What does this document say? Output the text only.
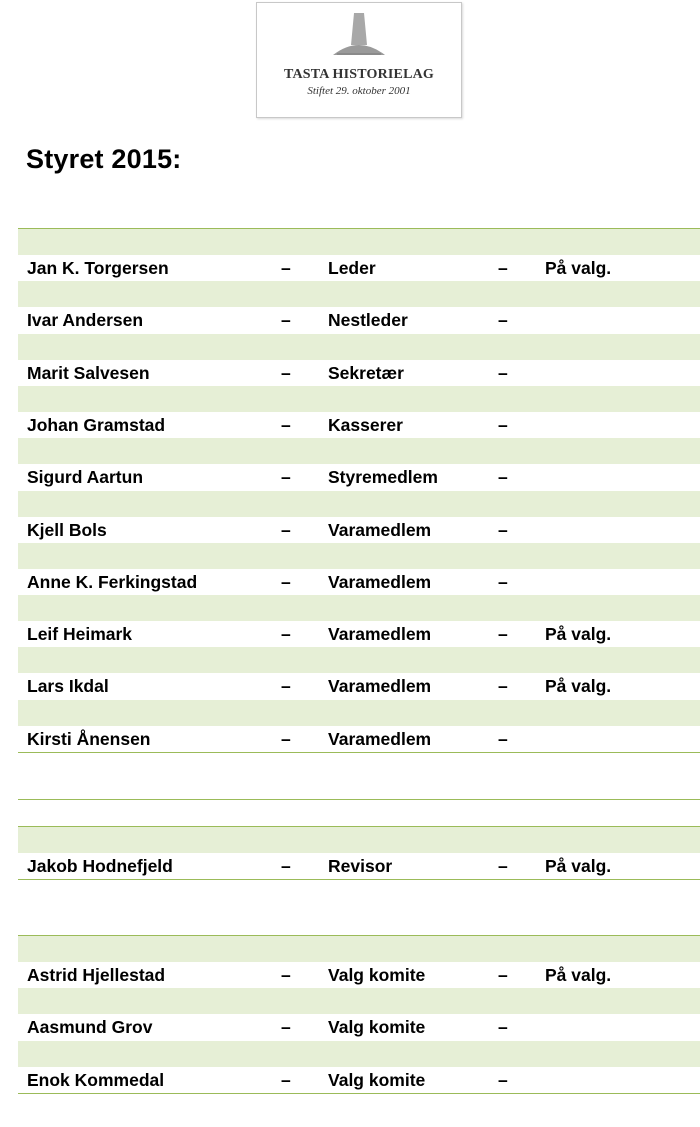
TASTA HISTORIELAG
Stiftet 29. oktober 2001
Styret 2015:
Jan K. Torgersen	– Leder	– På valg.
Ivar Andersen	– Nestleder	–
Marit Salvesen	– Sekretær	–
Johan Gramstad	– Kasserer	–
Sigurd Aartun	– Styremedlem	–
Kjell Bols	– Varamedlem	–
Anne K. Ferkingstad	– Varamedlem	–
Leif Heimark	– Varamedlem	– På valg.
Lars Ikdal	– Varamedlem	– På valg.
Kirsti Ånensen	– Varamedlem	–
Jakob Hodnefjeld	– Revisor	– På valg.
Astrid Hjellestad	– Valg komite	– På valg.
Aasmund Grov	– Valg komite	–
Enok Kommedal	– Valg komite	–
